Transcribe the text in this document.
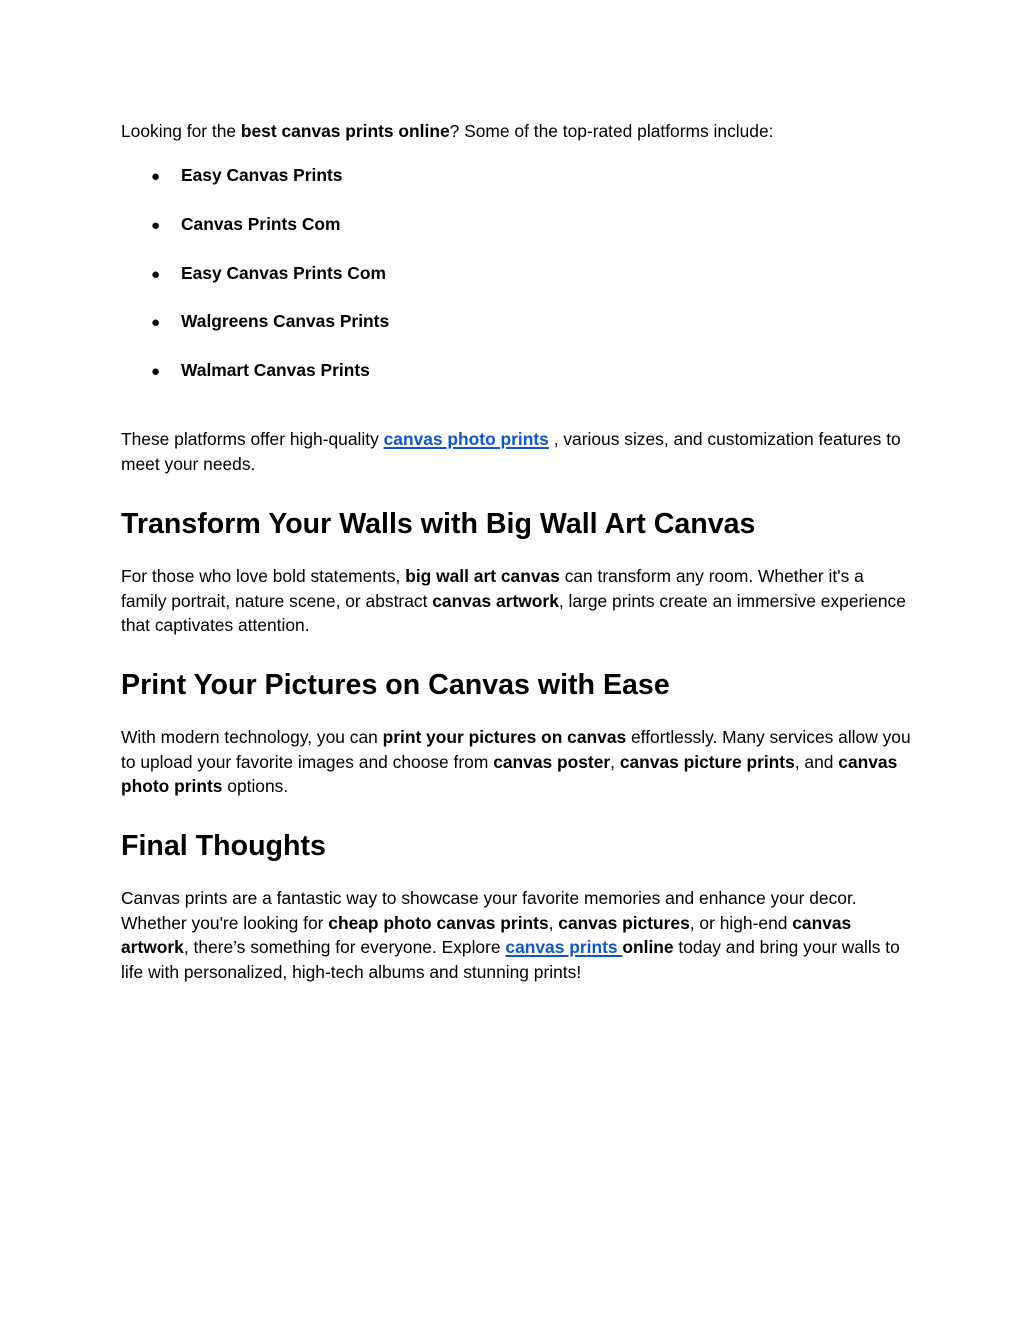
Looking for the best canvas prints online? Some of the top-rated platforms include:

● Easy Canvas Prints
● Canvas Prints Com
● Easy Canvas Prints Com
● Walgreens Canvas Prints
● Walmart Canvas Prints

These platforms offer high-quality canvas photo prints , various sizes, and customization features to meet your needs.

Transform Your Walls with Big Wall Art Canvas

For those who love bold statements, big wall art canvas can transform any room. Whether it's a family portrait, nature scene, or abstract canvas artwork, large prints create an immersive experience that captivates attention.

Print Your Pictures on Canvas with Ease

With modern technology, you can print your pictures on canvas effortlessly. Many services allow you to upload your favorite images and choose from canvas poster, canvas picture prints, and canvas photo prints options.

Final Thoughts

Canvas prints are a fantastic way to showcase your favorite memories and enhance your decor. Whether you're looking for cheap photo canvas prints, canvas pictures, or high-end canvas artwork, there’s something for everyone. Explore canvas prints online today and bring your walls to life with personalized, high-tech albums and stunning prints!
